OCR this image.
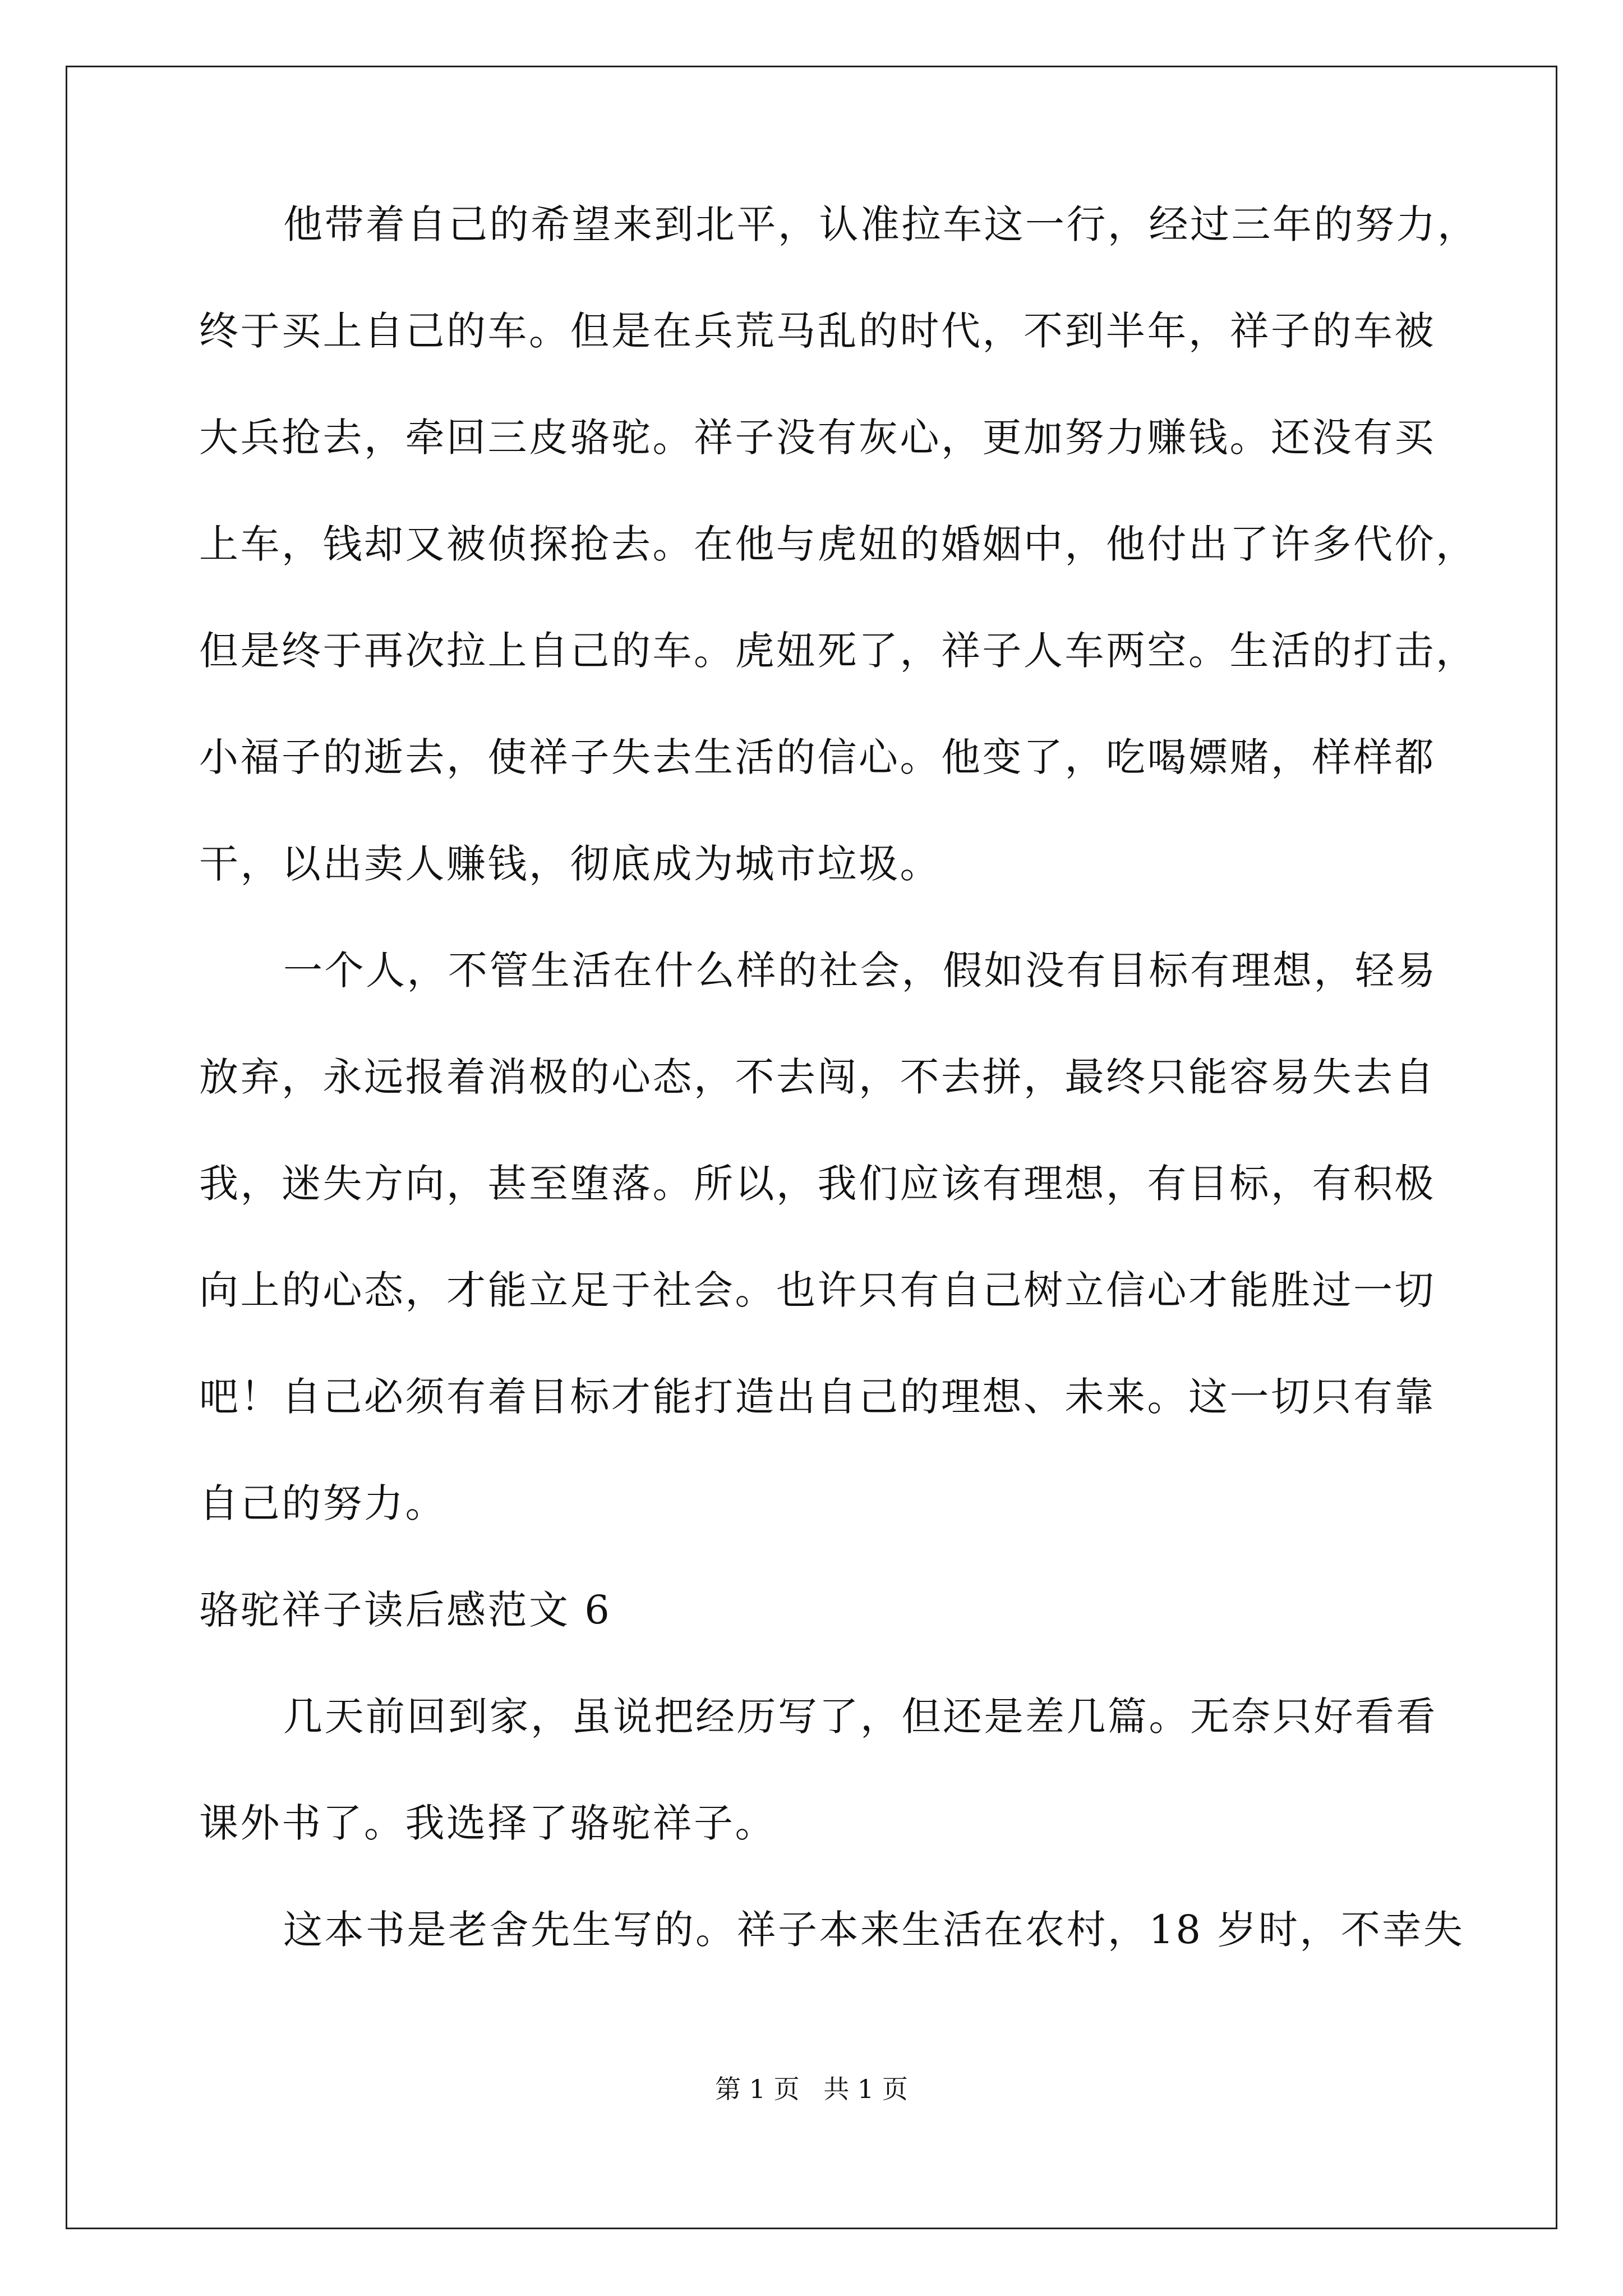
他带着自己的希望来到北平，认准拉车这一行，经过三年的努力，
终于买上自己的车。但是在兵荒马乱的时代，不到半年，祥子的车被
大兵抢去，牵回三皮骆驼。祥子没有灰心，更加努力赚钱。还没有买
上车，钱却又被侦探抢去。在他与虎妞的婚姻中，他付出了许多代价，
但是终于再次拉上自己的车。虎妞死了，祥子人车两空。生活的打击，
小福子的逝去，使祥子失去生活的信心。他变了，吃喝嫖赌，样样都
干，以出卖人赚钱，彻底成为城市垃圾。
一个人，不管生活在什么样的社会，假如没有目标有理想，轻易
放弃，永远报着消极的心态，不去闯，不去拼，最终只能容易失去自
我，迷失方向，甚至堕落。所以，我们应该有理想，有目标，有积极
向上的心态，才能立足于社会。也许只有自己树立信心才能胜过一切
吧！自己必须有着目标才能打造出自己的理想、未来。这一切只有靠
自己的努力。
骆驼祥子读后感范文 6
几天前回到家，虽说把经历写了，但还是差几篇。无奈只好看看
课外书了。我选择了骆驼祥子。
这本书是老舍先生写的。祥子本来生活在农村，18 岁时，不幸失
第 1 页 共 1 页
